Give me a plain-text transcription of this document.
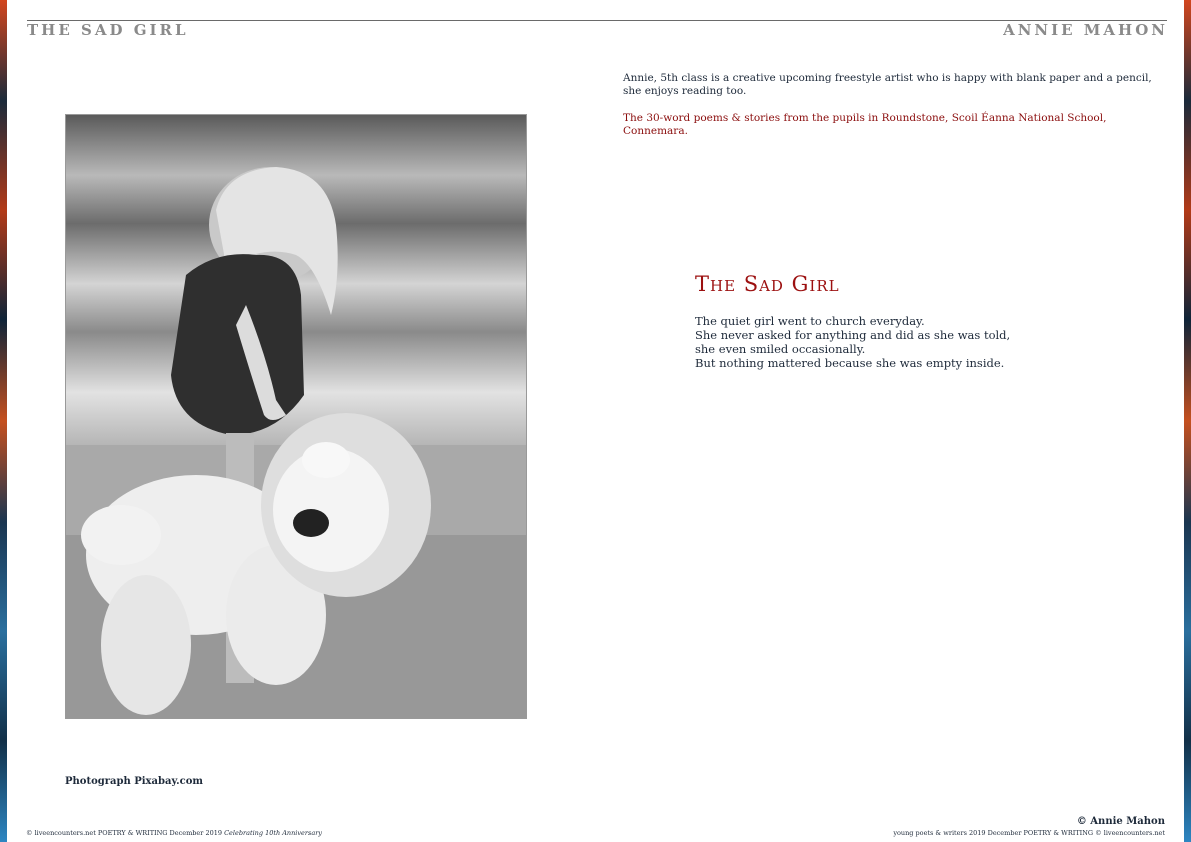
THE SAD GIRL	ANNIE MAHON
Photograph Pixabay.com

Annie, 5th class is a creative upcoming freestyle artist who is happy with blank paper and a pencil, she enjoys reading too.

The 30-word poems & stories from the pupils in Roundstone, Scoil Éanna National School, Connemara.

The Sad Girl
The quiet girl went to church everyday.
She never asked for anything and did as she was told,
she even smiled occasionally.
But nothing mattered because she was empty inside.
© Annie Mahon
© liveencounters.net POETRY & WRITING December 2019 Celebrating 10th Anniversary	young poets & writers 2019 December POETRY & WRITING © liveencounters.net
